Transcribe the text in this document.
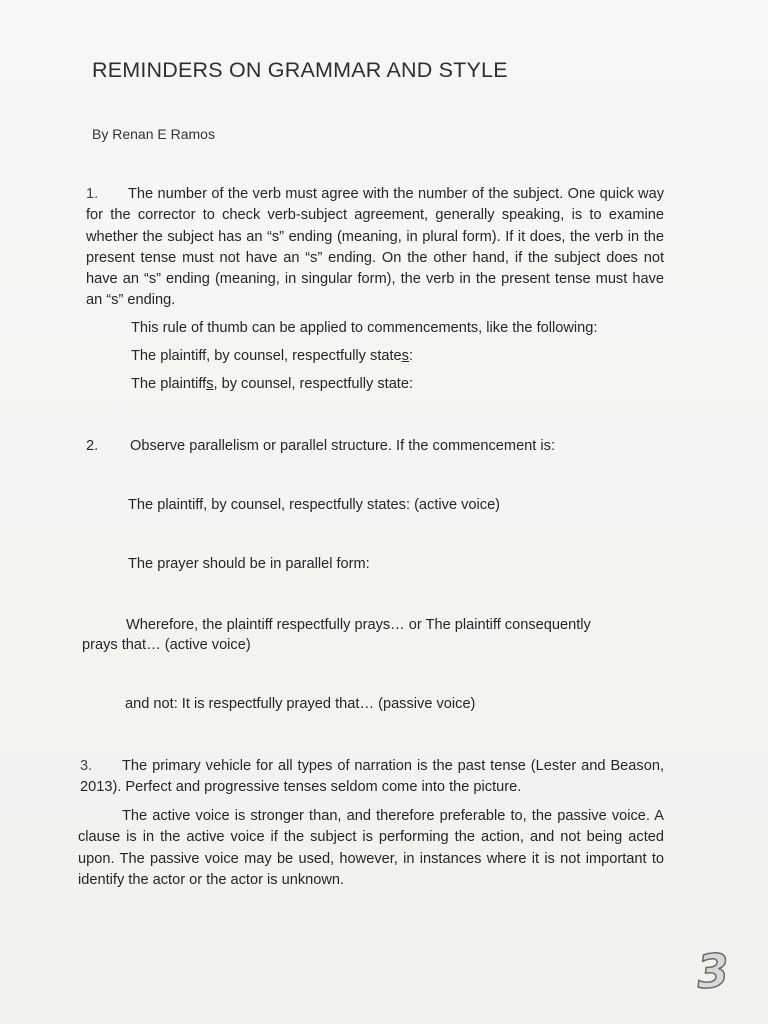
REMINDERS ON GRAMMAR AND STYLE
By Renan E Ramos
1. The number of the verb must agree with the number of the subject. One quick way for the corrector to check verb-subject agreement, generally speaking, is to examine whether the subject has an “s” ending (meaning, in plural form). If it does, the verb in the present tense must not have an “s” ending. On the other hand, if the subject does not have an “s” ending (meaning, in singular form), the verb in the present tense must have an “s” ending.
This rule of thumb can be applied to commencements, like the following:
The plaintiff, by counsel, respectfully states:
The plaintiffs, by counsel, respectfully state:
2. Observe parallelism or parallel structure. If the commencement is:
The plaintiff, by counsel, respectfully states: (active voice)
The prayer should be in parallel form:
Wherefore, the plaintiff respectfully prays… or The plaintiff consequently
prays that… (active voice)
and not: It is respectfully prayed that… (passive voice)
3. The primary vehicle for all types of narration is the past tense (Lester and Beason, 2013). Perfect and progressive tenses seldom come into the picture.
The active voice is stronger than, and therefore preferable to, the passive voice. A clause is in the active voice if the subject is performing the action, and not being acted upon. The passive voice may be used, however, in instances where it is not important to identify the actor or the actor is unknown.
3
